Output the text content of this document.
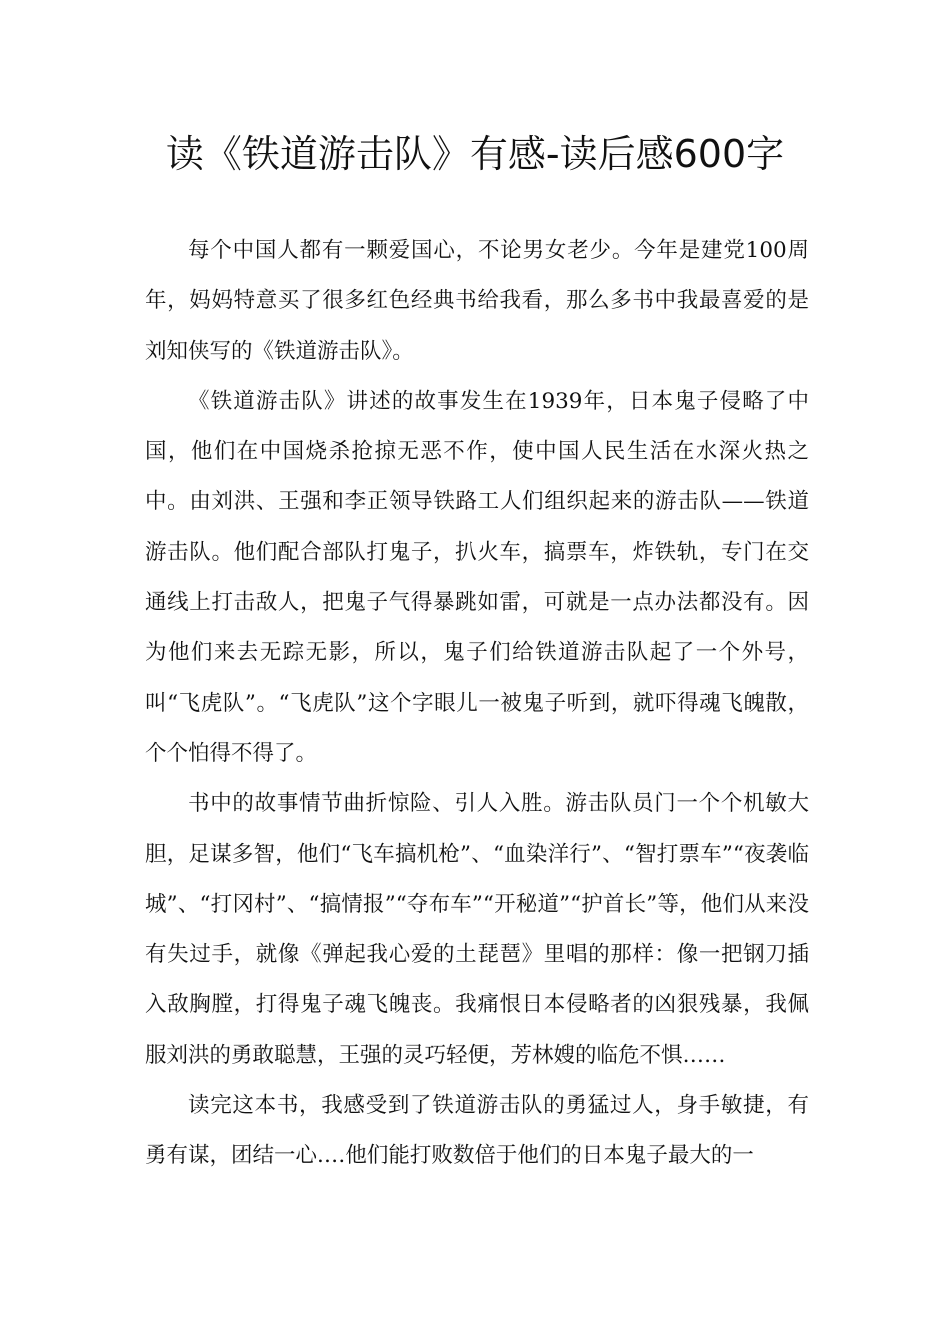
读《铁道游击队》有感-读后感600字

每个中国人都有一颗爱国心，不论男女老少。今年是建党100周年，妈妈特意买了很多红色经典书给我看，那么多书中我最喜爱的是刘知侠写的《铁道游击队》。

《铁道游击队》讲述的故事发生在1939年，日本鬼子侵略了中国，他们在中国烧杀抢掠无恶不作，使中国人民生活在水深火热之中。由刘洪、王强和李正领导铁路工人们组织起来的游击队——铁道游击队。他们配合部队打鬼子，扒火车，搞票车，炸铁轨，专门在交通线上打击敌人，把鬼子气得暴跳如雷，可就是一点办法都没有。因为他们来去无踪无影，所以，鬼子们给铁道游击队起了一个外号，叫“飞虎队”。“飞虎队”这个字眼儿一被鬼子听到，就吓得魂飞魄散，个个怕得不得了。

书中的故事情节曲折惊险、引人入胜。游击队员门一个个机敏大胆，足谋多智，他们“飞车搞机枪”、“血染洋行”、“智打票车”“夜袭临城”、“打冈村”、“搞情报”“夺布车”“开秘道”“护首长”等，他们从来没有失过手，就像《弹起我心爱的土琵琶》里唱的那样：像一把钢刀插入敌胸膛，打得鬼子魂飞魄丧。我痛恨日本侵略者的凶狠残暴，我佩服刘洪的勇敢聪慧，王强的灵巧轻便，芳林嫂的临危不惧……

读完这本书，我感受到了铁道游击队的勇猛过人，身手敏捷，有勇有谋，团结一心.…他们能打败数倍于他们的日本鬼子最大的一
